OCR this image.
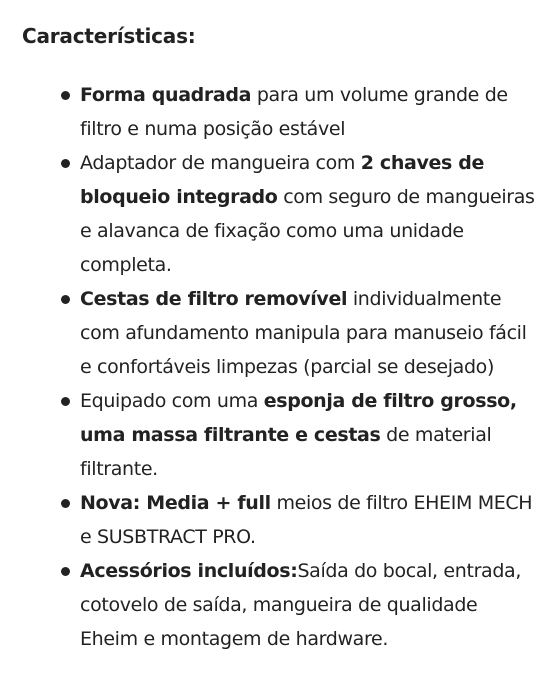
Características:
Forma quadrada para um volume grande de filtro e numa posição estável
Adaptador de mangueira com 2 chaves de bloqueio integrado com seguro de mangueiras e alavanca de fixação como uma unidade completa.
Cestas de filtro removível individualmente com afundamento manipula para manuseio fácil e confortáveis limpezas (parcial se desejado)
Equipado com uma esponja de filtro grosso, uma massa filtrante e cestas de material filtrante.
Nova: Media + full meios de filtro EHEIM MECH e SUSBTRACT PRO.
Acessórios incluídos:Saída do bocal, entrada, cotovelo de saída, mangueira de qualidade Eheim e montagem de hardware.
